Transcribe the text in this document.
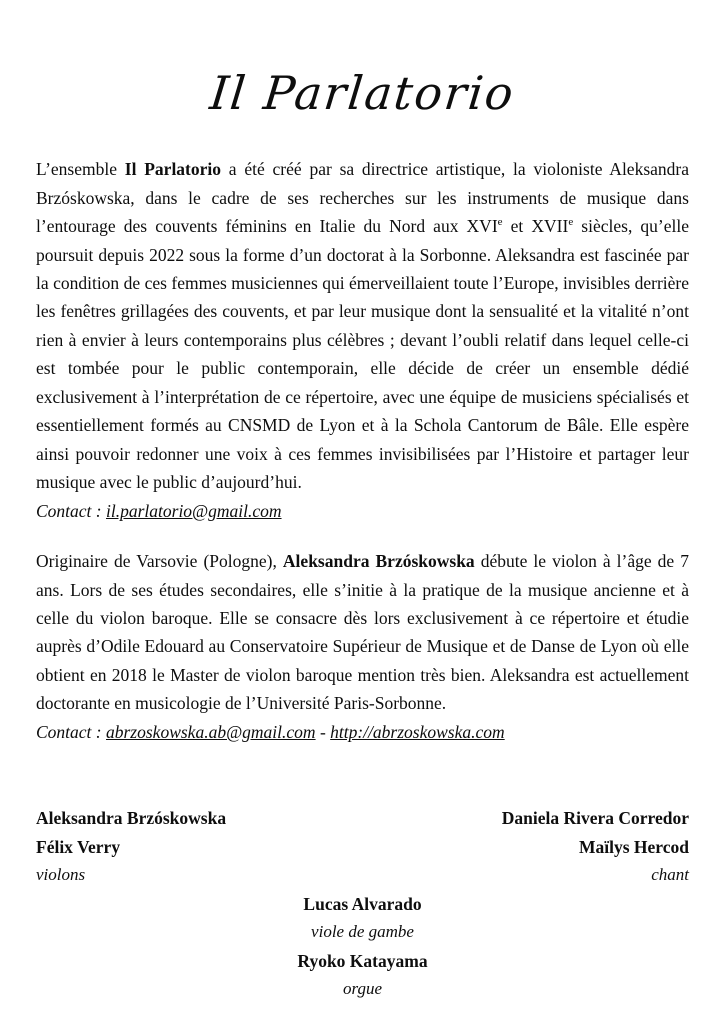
Il Parlatorio

L’ensemble Il Parlatorio a été créé par sa directrice artistique, la violoniste Aleksandra Brzóskowska, dans le cadre de ses recherches sur les instruments de musique dans l’entourage des couvents féminins en Italie du Nord aux XVIe et XVIIe siècles, qu’elle poursuit depuis 2022 sous la forme d’un doctorat à la Sorbonne. Aleksandra est fascinée par la condition de ces femmes musiciennes qui émerveillaient toute l’Europe, invisibles derrière les fenêtres grillagées des couvents, et par leur musique dont la sensualité et la vitalité n’ont rien à envier à leurs contemporains plus célèbres ; devant l’oubli relatif dans lequel celle-ci est tombée pour le public contemporain, elle décide de créer un ensemble dédié exclusivement à l’interprétation de ce répertoire, avec une équipe de musiciens spécialisés et essentiellement formés au CNSMD de Lyon et à la Schola Cantorum de Bâle. Elle espère ainsi pouvoir redonner une voix à ces femmes invisibilisées par l’Histoire et partager leur musique avec le public d’aujourd’hui.

Contact : il.parlatorio@gmail.com

Originaire de Varsovie (Pologne), Aleksandra Brzóskowska débute le violon à l’âge de 7 ans. Lors de ses études secondaires, elle s’initie à la pratique de la musique ancienne et à celle du violon baroque. Elle se consacre dès lors exclusivement à ce répertoire et étudie auprès d’Odile Edouard au Conservatoire Supérieur de Musique et de Danse de Lyon où elle obtient en 2018 le Master de violon baroque mention très bien. Aleksandra est actuellement doctorante en musicologie de l’Université Paris-Sorbonne.

Contact : abrzoskowska.ab@gmail.com - http://abrzoskowska.com

Aleksandra Brzóskowska
Félix Verry
violons
Daniela Rivera Corredor
Maïlys Hercod
chant
Lucas Alvarado
viole de gambe
Ryoko Katayama
orgue
